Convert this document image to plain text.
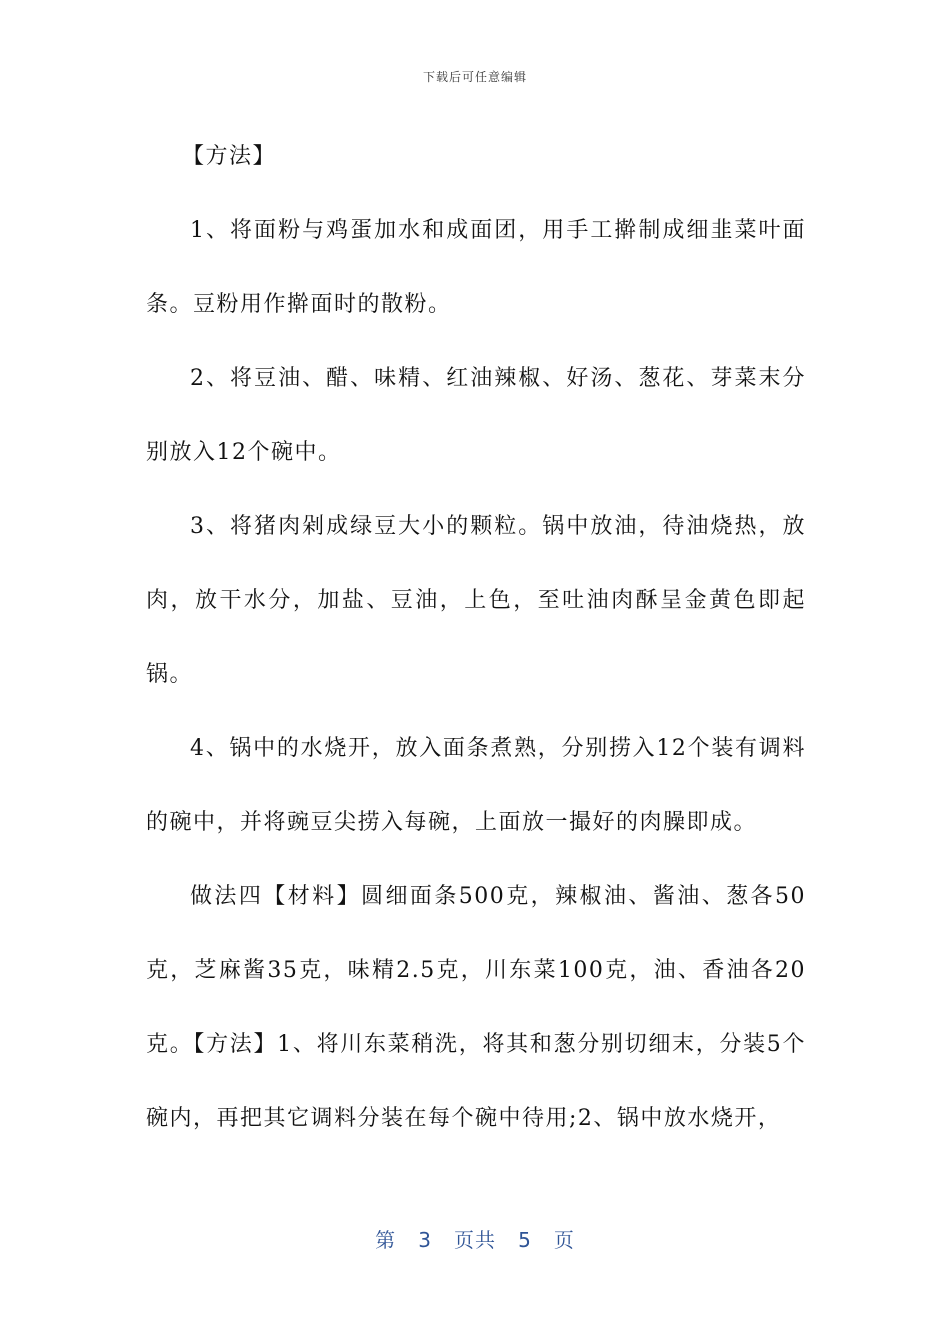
下载后可任意编辑

【方法】

1、将面粉与鸡蛋加水和成面团，用手工擀制成细韭菜叶面条。豆粉用作擀面时的散粉。

2、将豆油、醋、味精、红油辣椒、好汤、葱花、芽菜末分别放入12个碗中。

3、将猪肉剁成绿豆大小的颗粒。锅中放油，待油烧热，放肉，放干水分，加盐、豆油，上色，至吐油肉酥呈金黄色即起锅。

4、锅中的水烧开，放入面条煮熟，分别捞入12个装有调料的碗中，并将豌豆尖捞入每碗，上面放一撮好的肉臊即成。

做法四【材料】圆细面条500克，辣椒油、酱油、葱各50克，芝麻酱35克，味精2.5克，川东菜100克，油、香油各20克。【方法】1、将川东菜稍洗，将其和葱分别切细末，分装5个碗内，再把其它调料分装在每个碗中待用;2、锅中放水烧开，

第 3 页共 5 页
